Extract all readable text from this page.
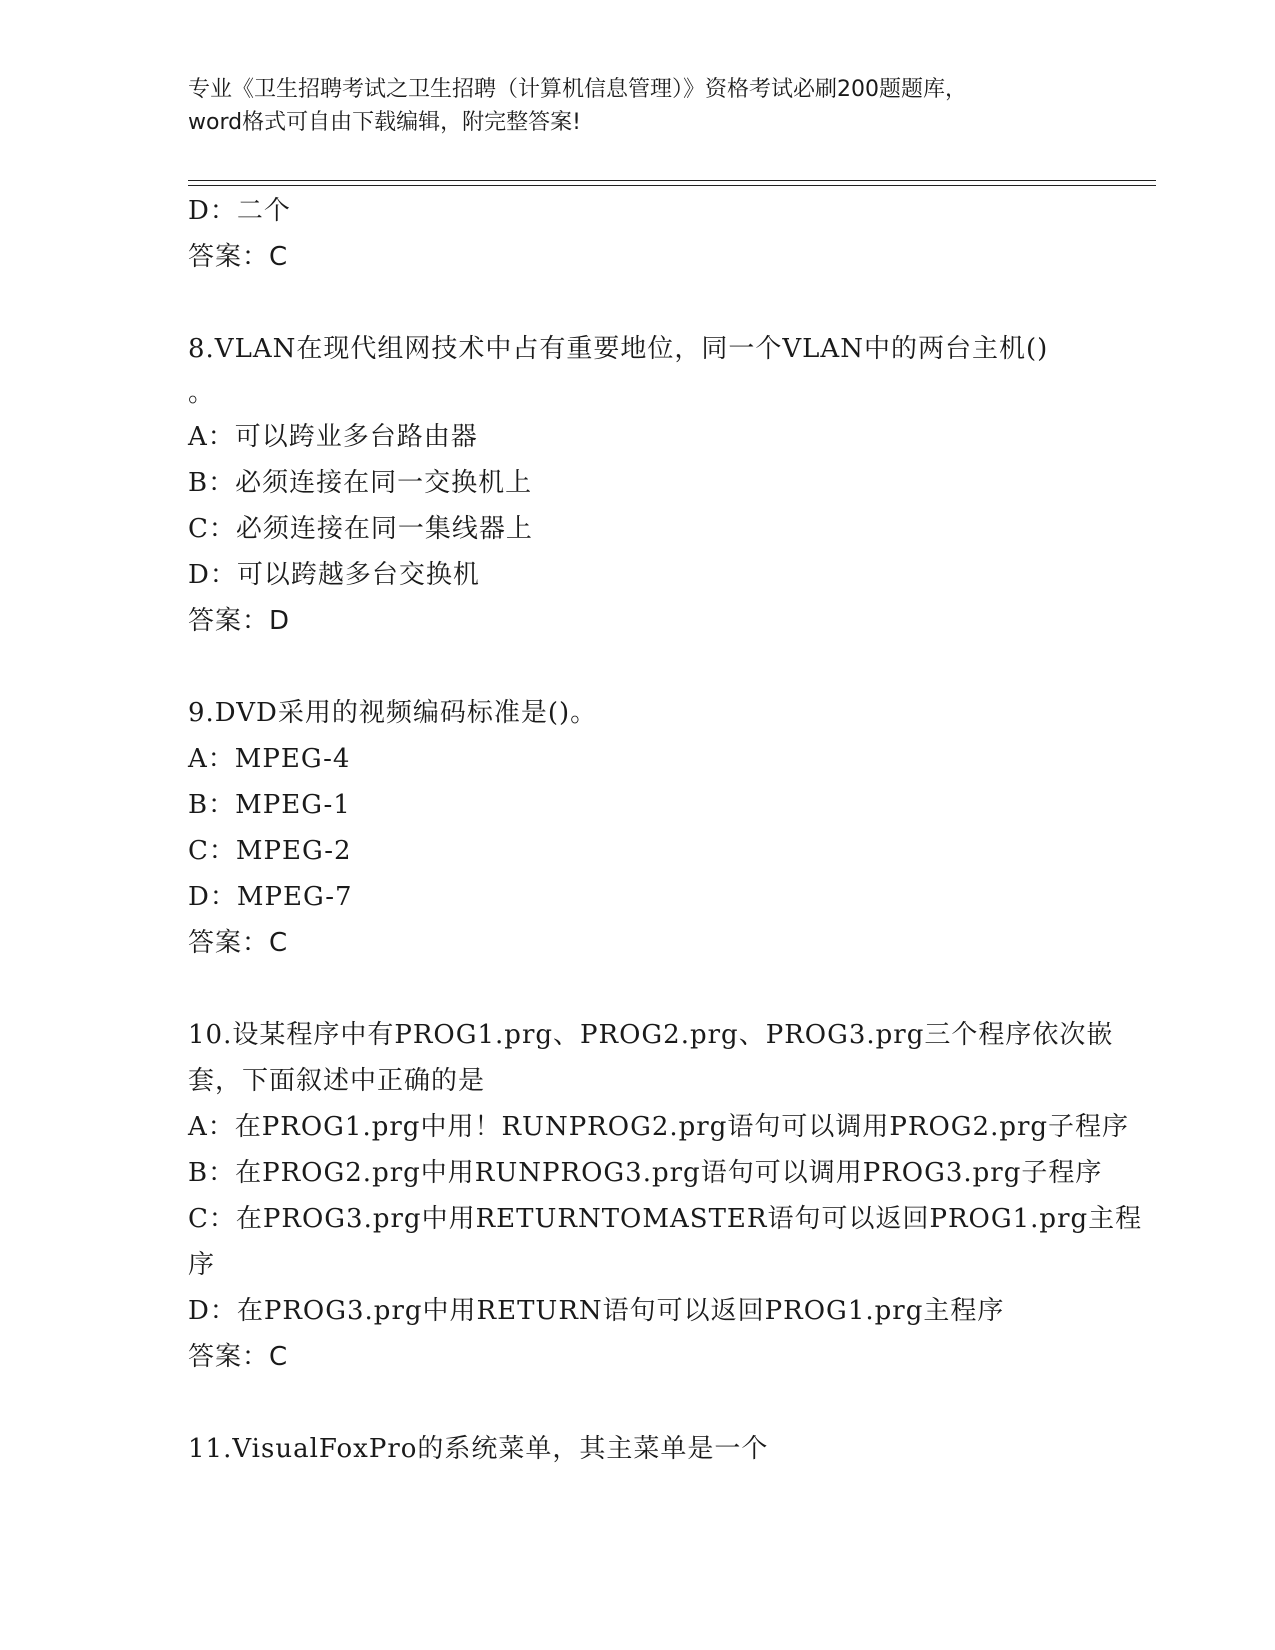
专业《卫生招聘考试之卫生招聘（计算机信息管理）》资格考试必刷200题题库，
word格式可自由下载编辑，附完整答案!
D：二个
答案：C
8.VLAN在现代组网技术中占有重要地位，同一个VLAN中的两台主机()
。
A：可以跨业多台路由器
B：必须连接在同一交换机上
C：必须连接在同一集线器上
D：可以跨越多台交换机
答案：D
9.DVD采用的视频编码标准是()。
A：MPEG-4
B：MPEG-1
C：MPEG-2
D：MPEG-7
答案：C
10.设某程序中有PROG1.prg、PROG2.prg、PROG3.prg三个程序依次嵌
套，下面叙述中正确的是
A：在PROG1.prg中用！RUNPROG2.prg语句可以调用PROG2.prg子程序
B：在PROG2.prg中用RUNPROG3.prg语句可以调用PROG3.prg子程序
C：在PROG3.prg中用RETURNTOMASTER语句可以返回PROG1.prg主程
序
D：在PROG3.prg中用RETURN语句可以返回PROG1.prg主程序
答案：C
11.VisualFoxPro的系统菜单，其主菜单是一个
